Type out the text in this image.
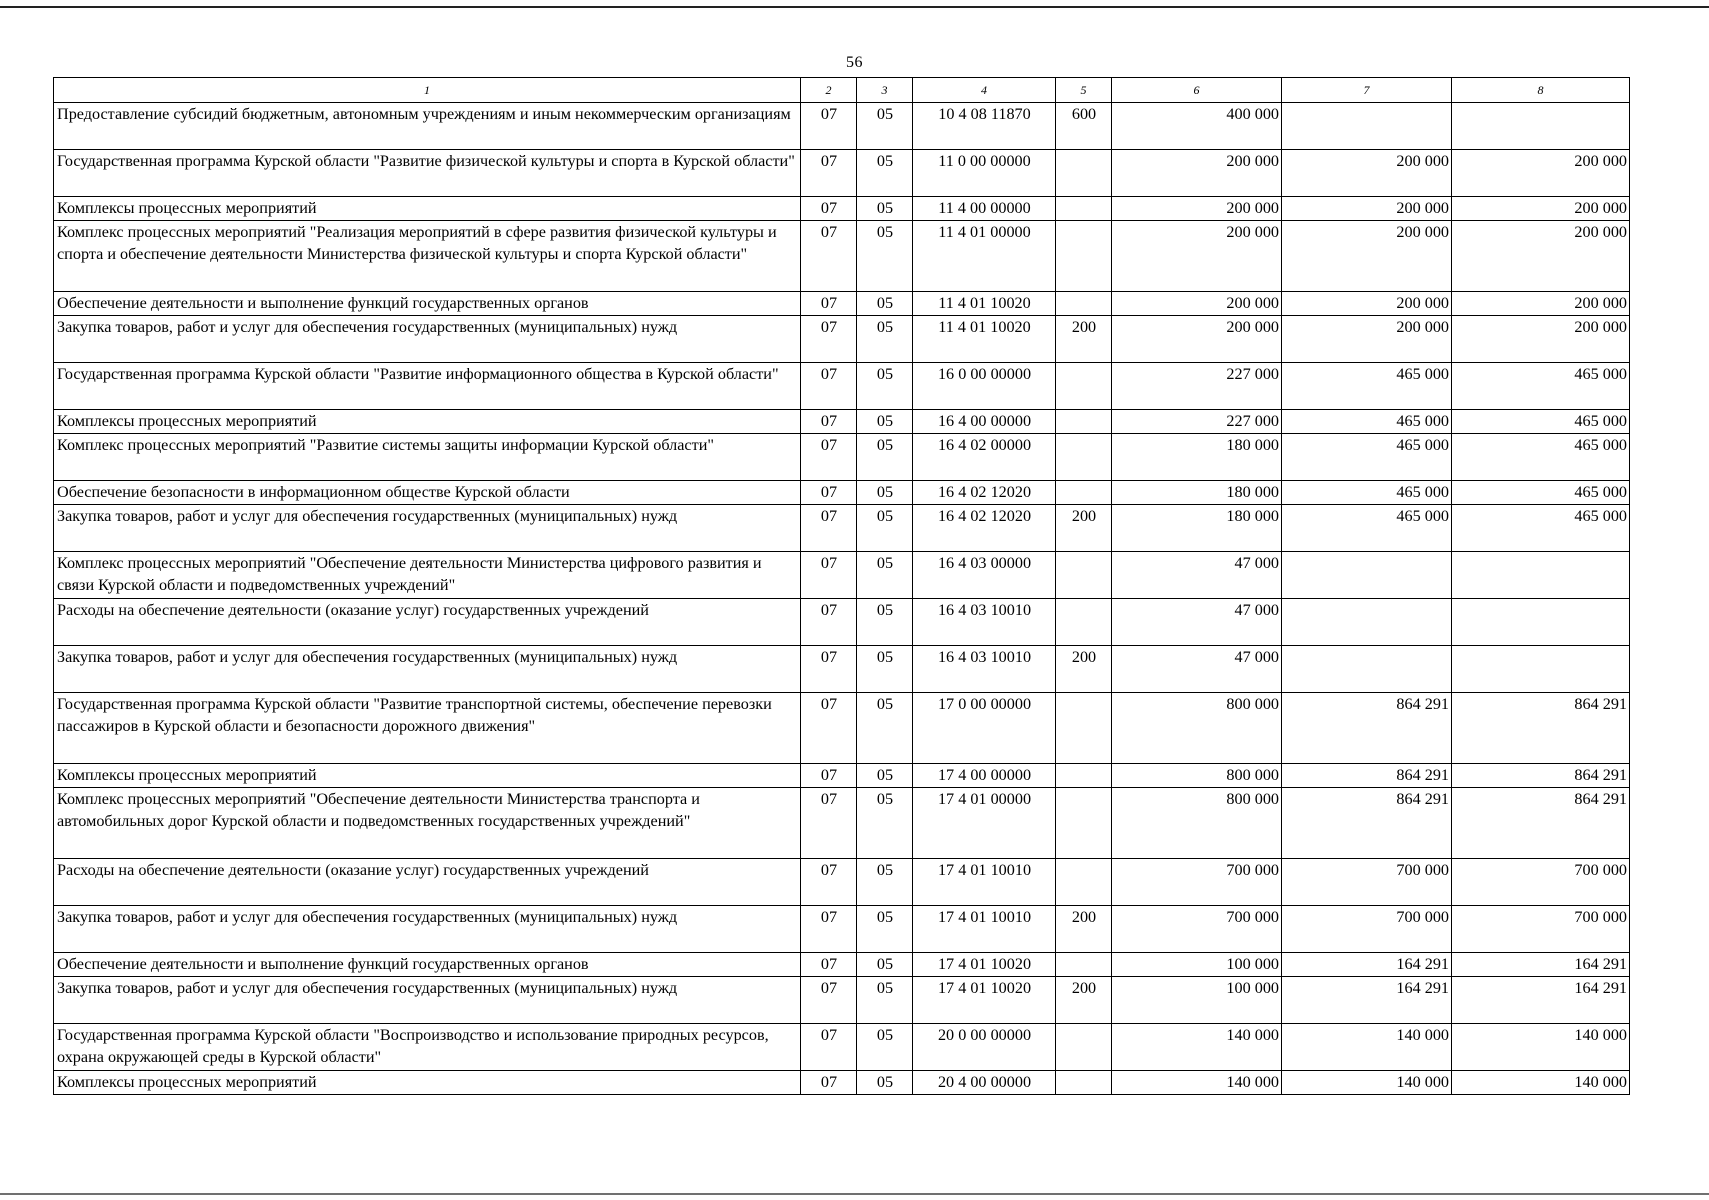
56
1	2	3	4	5	6	7	8
Предоставление субсидий бюджетным, автономным учреждениям и иным некоммерческим организациям	07	05	10 4 08 11870	600	400 000		
Государственная программа Курской области "Развитие физической культуры и спорта в Курской области"	07	05	11 0 00 00000		200 000	200 000	200 000
Комплексы процессных мероприятий	07	05	11 4 00 00000		200 000	200 000	200 000
Комплекс процессных мероприятий "Реализация мероприятий в сфере развития физической культуры и спорта и обеспечение деятельности Министерства физической культуры и спорта Курской области"	07	05	11 4 01 00000		200 000	200 000	200 000
Обеспечение деятельности и выполнение функций государственных органов	07	05	11 4 01 10020		200 000	200 000	200 000
Закупка товаров, работ и услуг для обеспечения государственных (муниципальных) нужд	07	05	11 4 01 10020	200	200 000	200 000	200 000
Государственная программа Курской области "Развитие информационного общества в Курской области"	07	05	16 0 00 00000		227 000	465 000	465 000
Комплексы процессных мероприятий	07	05	16 4 00 00000		227 000	465 000	465 000
Комплекс процессных мероприятий "Развитие системы защиты информации Курской области"	07	05	16 4 02 00000		180 000	465 000	465 000
Обеспечение безопасности в информационном обществе Курской области	07	05	16 4 02 12020		180 000	465 000	465 000
Закупка товаров, работ и услуг для обеспечения государственных (муниципальных) нужд	07	05	16 4 02 12020	200	180 000	465 000	465 000
Комплекс процессных мероприятий "Обеспечение деятельности Министерства цифрового развития и связи Курской области и подведомственных учреждений"	07	05	16 4 03 00000		47 000		
Расходы на обеспечение деятельности (оказание услуг) государственных учреждений	07	05	16 4 03 10010		47 000		
Закупка товаров, работ и услуг для обеспечения государственных (муниципальных) нужд	07	05	16 4 03 10010	200	47 000		
Государственная программа Курской области "Развитие транспортной системы, обеспечение перевозки пассажиров в Курской области и безопасности дорожного движения"	07	05	17 0 00 00000		800 000	864 291	864 291
Комплексы процессных мероприятий	07	05	17 4 00 00000		800 000	864 291	864 291
Комплекс процессных мероприятий "Обеспечение деятельности Министерства транспорта и автомобильных дорог Курской области и подведомственных государственных учреждений"	07	05	17 4 01 00000		800 000	864 291	864 291
Расходы на обеспечение деятельности (оказание услуг) государственных учреждений	07	05	17 4 01 10010		700 000	700 000	700 000
Закупка товаров, работ и услуг для обеспечения государственных (муниципальных) нужд	07	05	17 4 01 10010	200	700 000	700 000	700 000
Обеспечение деятельности и выполнение функций государственных органов	07	05	17 4 01 10020		100 000	164 291	164 291
Закупка товаров, работ и услуг для обеспечения государственных (муниципальных) нужд	07	05	17 4 01 10020	200	100 000	164 291	164 291
Государственная программа Курской области "Воспроизводство и использование природных ресурсов, охрана окружающей среды в Курской области"	07	05	20 0 00 00000		140 000	140 000	140 000
Комплексы процессных мероприятий	07	05	20 4 00 00000		140 000	140 000	140 000
